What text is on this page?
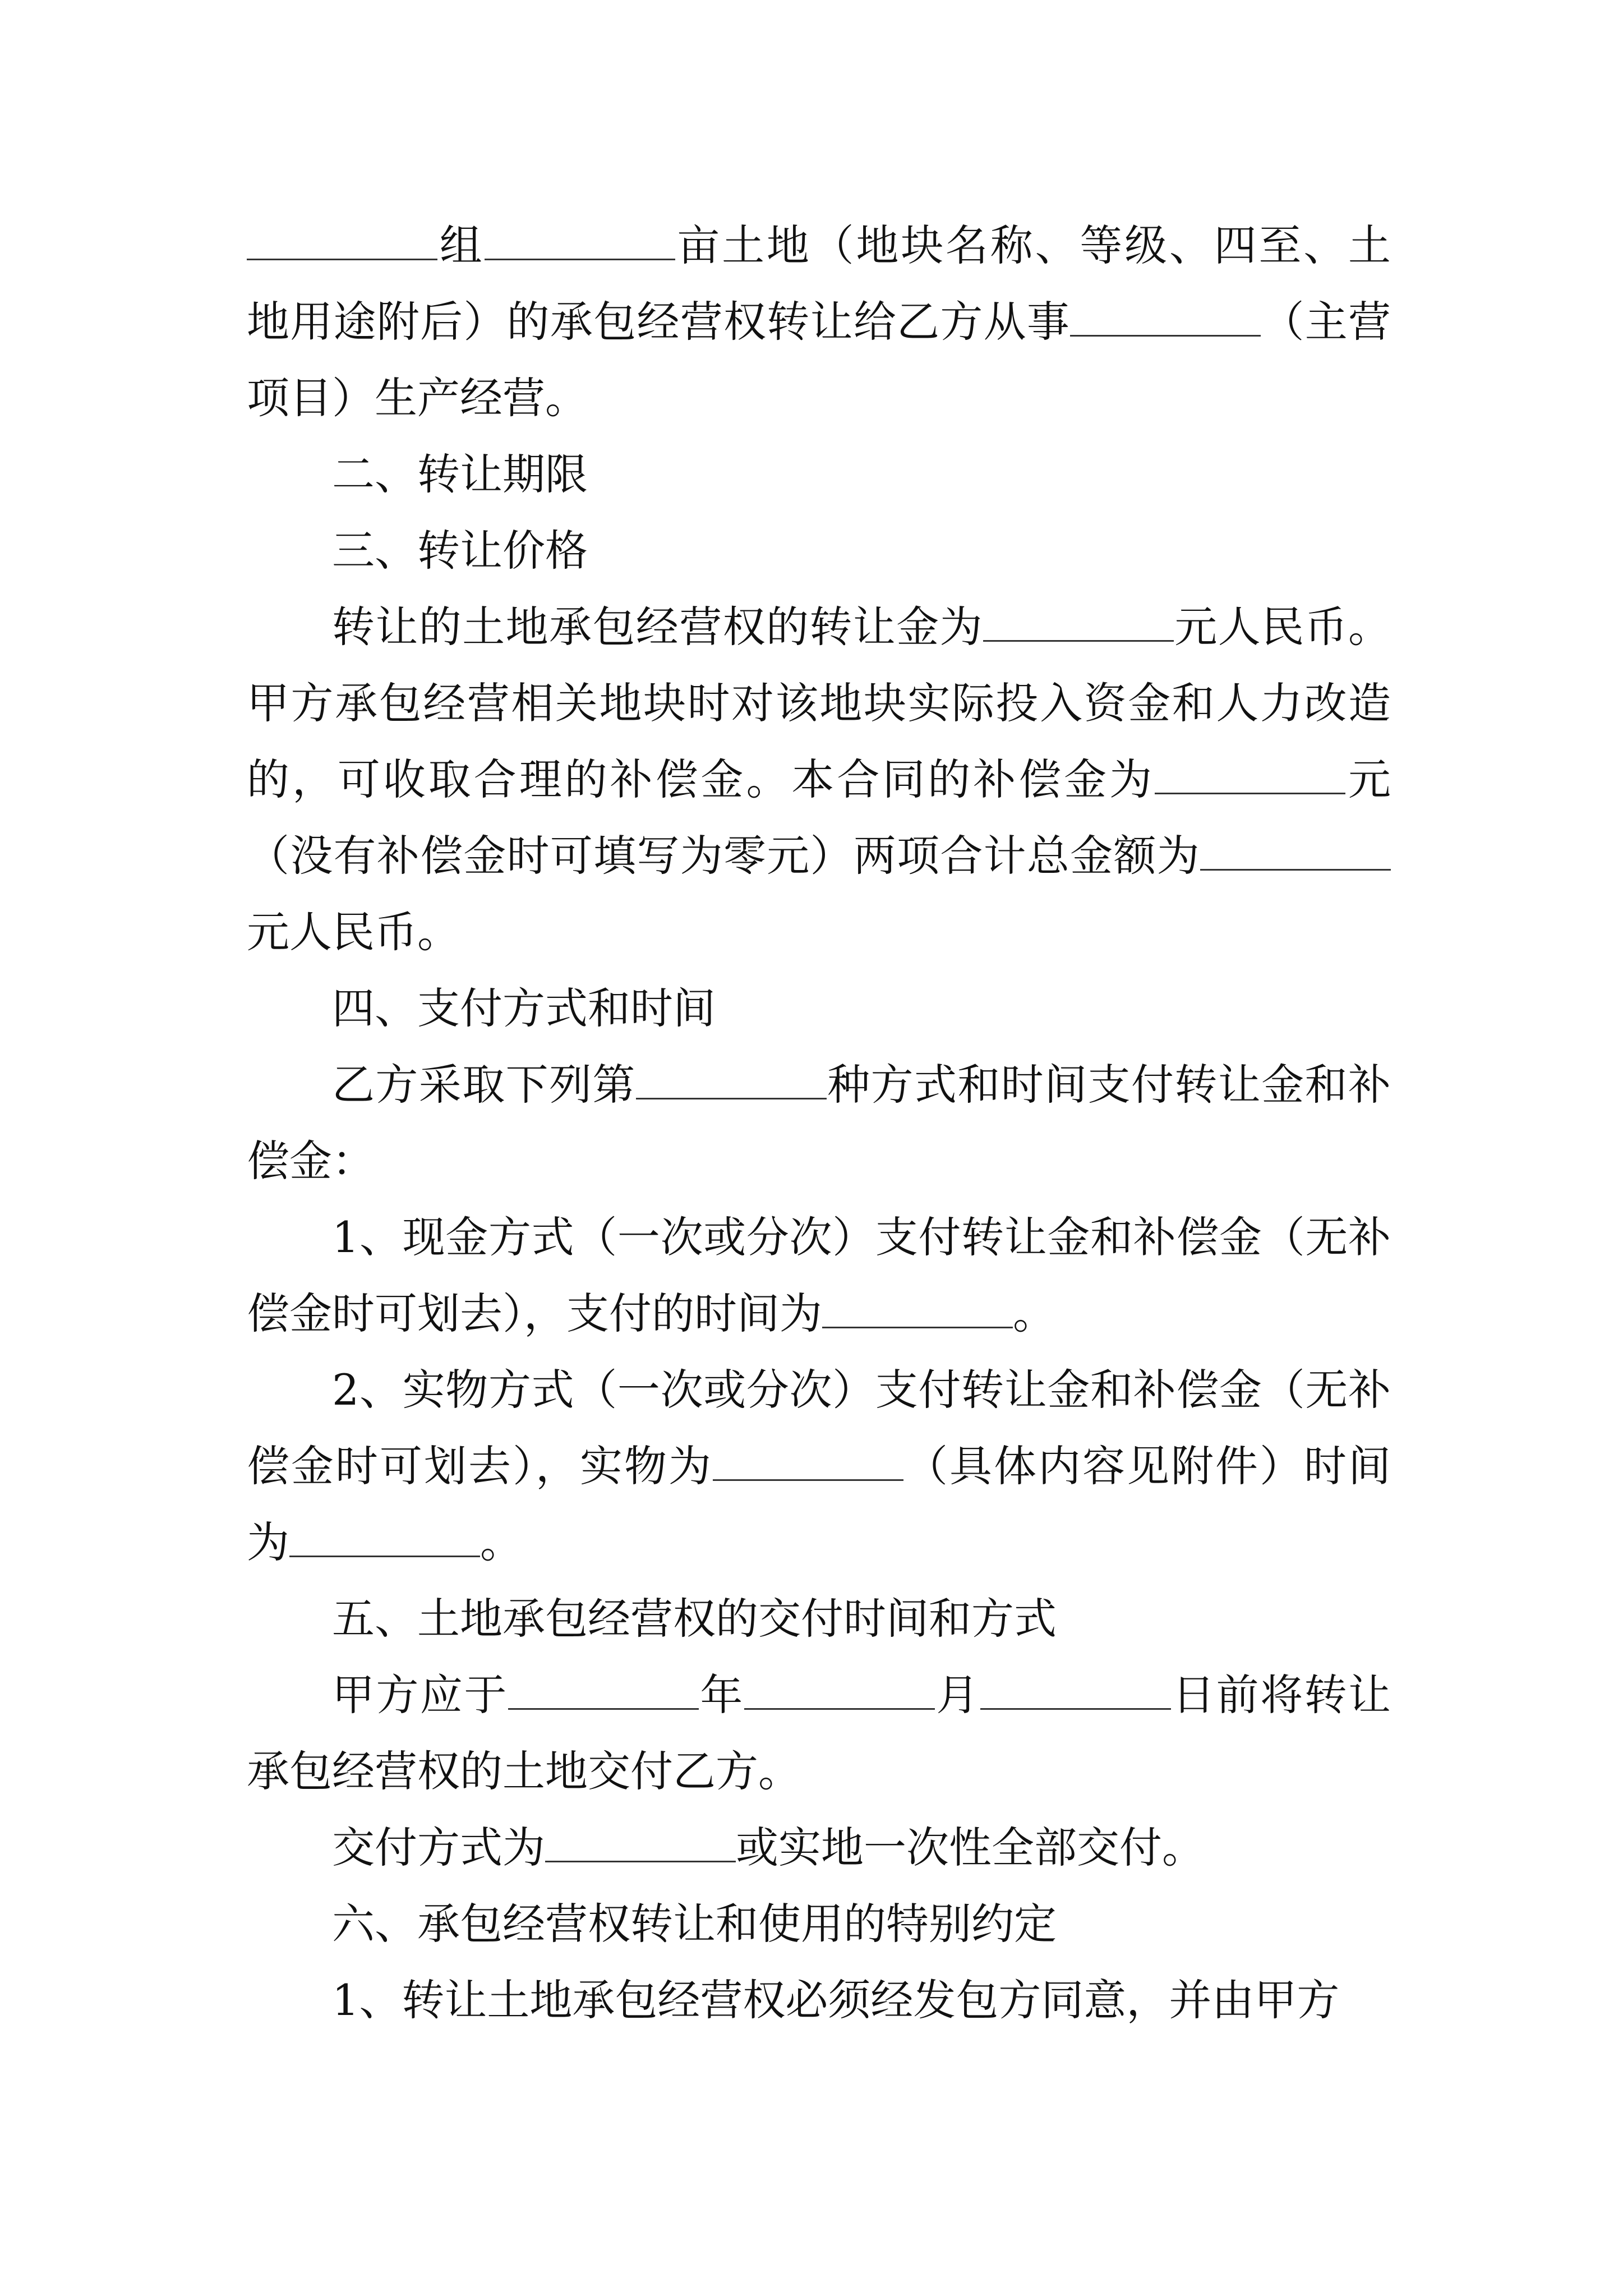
组	亩土地（地块名称、等级、四至、土地用途附后）的承包经营权转让给乙方从事	（主营项目）生产经营。

二、转让期限

三、转让价格

转让的土地承包经营权的转让金为	元人民币。甲方承包经营相关地块时对该地块实际投入资金和人力改造的，可收取合理的补偿金。本合同的补偿金为	元（没有补偿金时可填写为零元）两项合计总金额为元人民币。

四、支付方式和时间

乙方采取下列第	种方式和时间支付转让金和补偿金：

1、现金方式（一次或分次）支付转让金和补偿金（无补偿金时可划去），支付的时间为	。

2、实物方式（一次或分次）支付转让金和补偿金（无补偿金时可划去），实物为	（具体内容见附件）时间为	。

五、土地承包经营权的交付时间和方式

甲方应于	年	月	日前将转让承包经营权的土地交付乙方。

交付方式为	或实地一次性全部交付。

六、承包经营权转让和使用的特别约定

1、转让土地承包经营权必须经发包方同意，并由甲方
